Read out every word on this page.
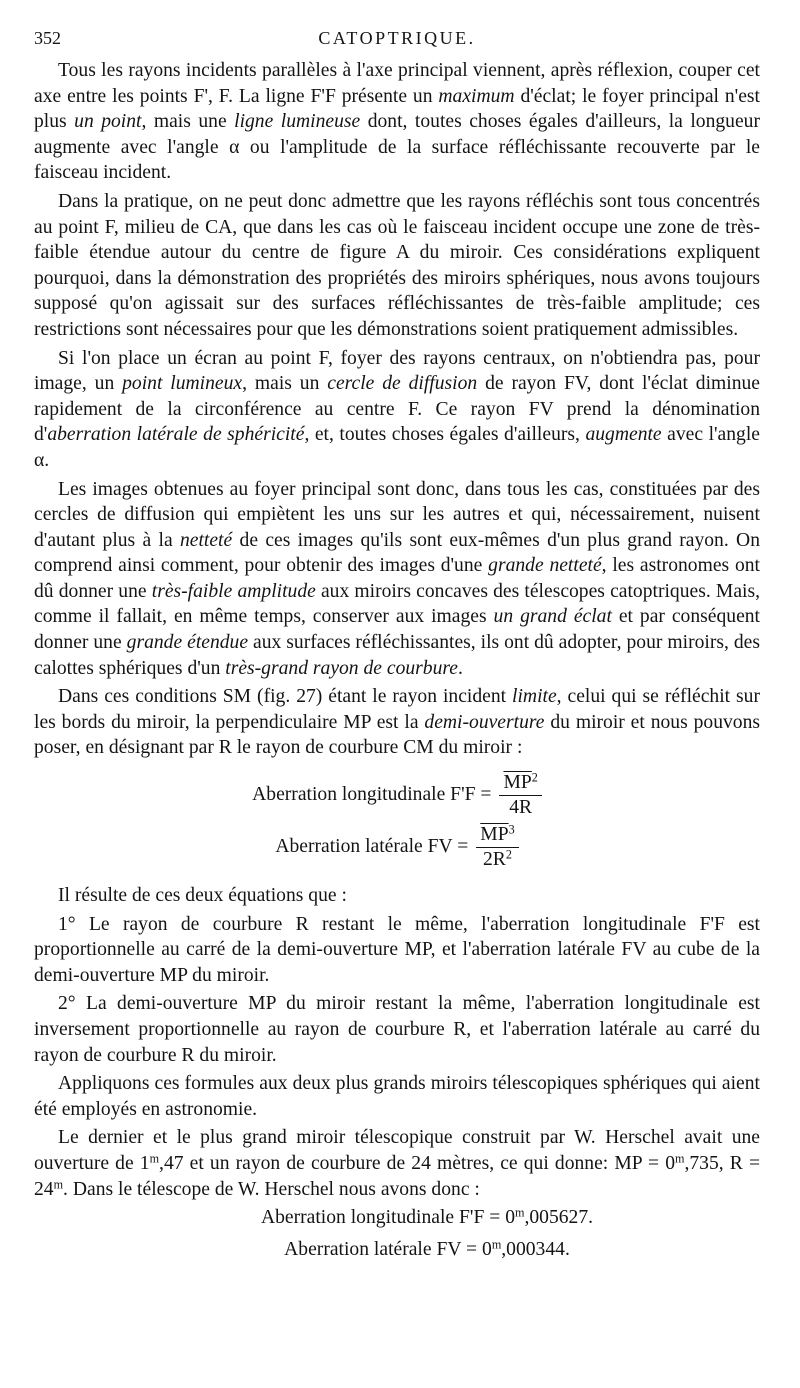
352	CATOPTRIQUE.

Tous les rayons incidents parallèles à l'axe principal viennent, après réflexion, couper cet axe entre les points F', F. La ligne F'F présente un maximum d'éclat; le foyer principal n'est plus un point, mais une ligne lumineuse dont, toutes choses égales d'ailleurs, la longueur augmente avec l'angle α ou l'amplitude de la surface réfléchissante recouverte par le faisceau incident.

Dans la pratique, on ne peut donc admettre que les rayons réfléchis sont tous concentrés au point F, milieu de CA, que dans les cas où le faisceau incident occupe une zone de très-faible étendue autour du centre de figure A du miroir. Ces considérations expliquent pourquoi, dans la démonstration des propriétés des miroirs sphériques, nous avons toujours supposé qu'on agissait sur des surfaces réfléchissantes de très-faible amplitude; ces restrictions sont nécessaires pour que les démonstrations soient pratiquement admissibles.

Si l'on place un écran au point F, foyer des rayons centraux, on n'obtiendra pas, pour image, un point lumineux, mais un cercle de diffusion de rayon FV, dont l'éclat diminue rapidement de la circonférence au centre F. Ce rayon FV prend la dénomination d'aberration latérale de sphéricité, et, toutes choses égales d'ailleurs, augmente avec l'angle α.

Les images obtenues au foyer principal sont donc, dans tous les cas, constituées par des cercles de diffusion qui empiètent les uns sur les autres et qui, nécessairement, nuisent d'autant plus à la netteté de ces images qu'ils sont eux-mêmes d'un plus grand rayon. On comprend ainsi comment, pour obtenir des images d'une grande netteté, les astronomes ont dû donner une très-faible amplitude aux miroirs concaves des télescopes catoptriques. Mais, comme il fallait, en même temps, conserver aux images un grand éclat et par conséquent donner une grande étendue aux surfaces réfléchissantes, ils ont dû adopter, pour miroirs, des calottes sphériques d'un très-grand rayon de courbure.

Dans ces conditions SM (fig. 27) étant le rayon incident limite, celui qui se réfléchit sur les bords du miroir, la perpendiculaire MP est la demi-ouverture du miroir et nous pouvons poser, en désignant par R le rayon de courbure CM du miroir :

Aberration longitudinale $F'F = \frac{\overline{MP}^2}{4R}$
Aberration latérale FV = $\frac{\overline{MP}^3}{2R^2}$

Il résulte de ces deux équations que :

1° Le rayon de courbure R restant le même, l'aberration longitudinale F'F est proportionnelle au carré de la demi-ouverture MP, et l'aberration latérale FV au cube de la demi-ouverture MP du miroir.

2° La demi-ouverture MP du miroir restant la même, l'aberration longitudinale est inversement proportionnelle au rayon de courbure R, et l'aberration latérale au carré du rayon de courbure R du miroir.

Appliquons ces formules aux deux plus grands miroirs télescopiques sphériques qui aient été employés en astronomie.

Le dernier et le plus grand miroir télescopique construit par W. Herschel avait une ouverture de 1$^m$,47 et un rayon de courbure de 24 mètres, ce qui donne: MP = $0^m,735$, $R = 24^m$. Dans le télescope de W. Herschel nous avons donc :

Aberration longitudinale $F'F = 0^m,005627$.

Aberration latérale FV = $0^m,000344$.
